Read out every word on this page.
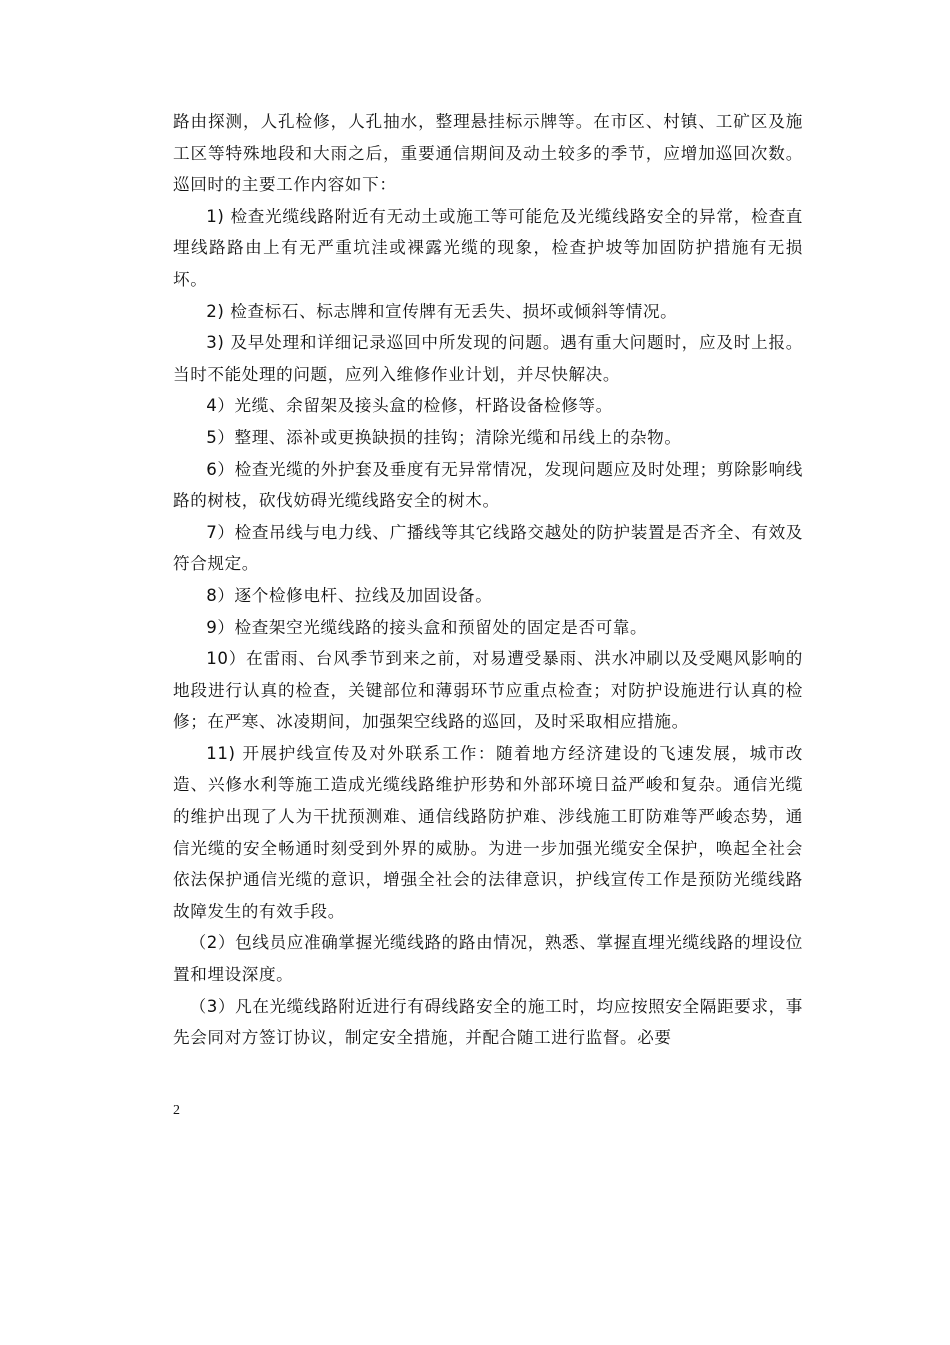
路由探测，人孔检修，人孔抽水，整理悬挂标示牌等。在市区、村镇、工矿区及施工区等特殊地段和大雨之后，重要通信期间及动土较多的季节，应增加巡回次数。巡回时的主要工作内容如下：

1) 检查光缆线路附近有无动土或施工等可能危及光缆线路安全的异常，检查直埋线路路由上有无严重坑洼或裸露光缆的现象，检查护坡等加固防护措施有无损坏。

2) 检查标石、标志牌和宣传牌有无丢失、损坏或倾斜等情况。

3) 及早处理和详细记录巡回中所发现的问题。遇有重大问题时，应及时上报。当时不能处理的问题，应列入维修作业计划，并尽快解决。

4）光缆、余留架及接头盒的检修，杆路设备检修等。

5）整理、添补或更换缺损的挂钩；清除光缆和吊线上的杂物。

6）检查光缆的外护套及垂度有无异常情况，发现问题应及时处理；剪除影响线路的树枝，砍伐妨碍光缆线路安全的树木。

7）检查吊线与电力线、广播线等其它线路交越处的防护装置是否齐全、有效及符合规定。

8）逐个检修电杆、拉线及加固设备。

9）检查架空光缆线路的接头盒和预留处的固定是否可靠。

10）在雷雨、台风季节到来之前，对易遭受暴雨、洪水冲刷以及受飓风影响的地段进行认真的检查，关键部位和薄弱环节应重点检查；对防护设施进行认真的检修；在严寒、冰凌期间，加强架空线路的巡回，及时采取相应措施。

11) 开展护线宣传及对外联系工作：随着地方经济建设的飞速发展，城市改造、兴修水利等施工造成光缆线路维护形势和外部环境日益严峻和复杂。通信光缆的维护出现了人为干扰预测难、通信线路防护难、涉线施工盯防难等严峻态势，通信光缆的安全畅通时刻受到外界的威胁。为进一步加强光缆安全保护，唤起全社会依法保护通信光缆的意识，增强全社会的法律意识，护线宣传工作是预防光缆线路故障发生的有效手段。

（2）包线员应准确掌握光缆线路的路由情况，熟悉、掌握直埋光缆线路的埋设位置和埋设深度。

（3）凡在光缆线路附近进行有碍线路安全的施工时，均应按照安全隔距要求，事先会同对方签订协议，制定安全措施，并配合随工进行监督。必要

2
